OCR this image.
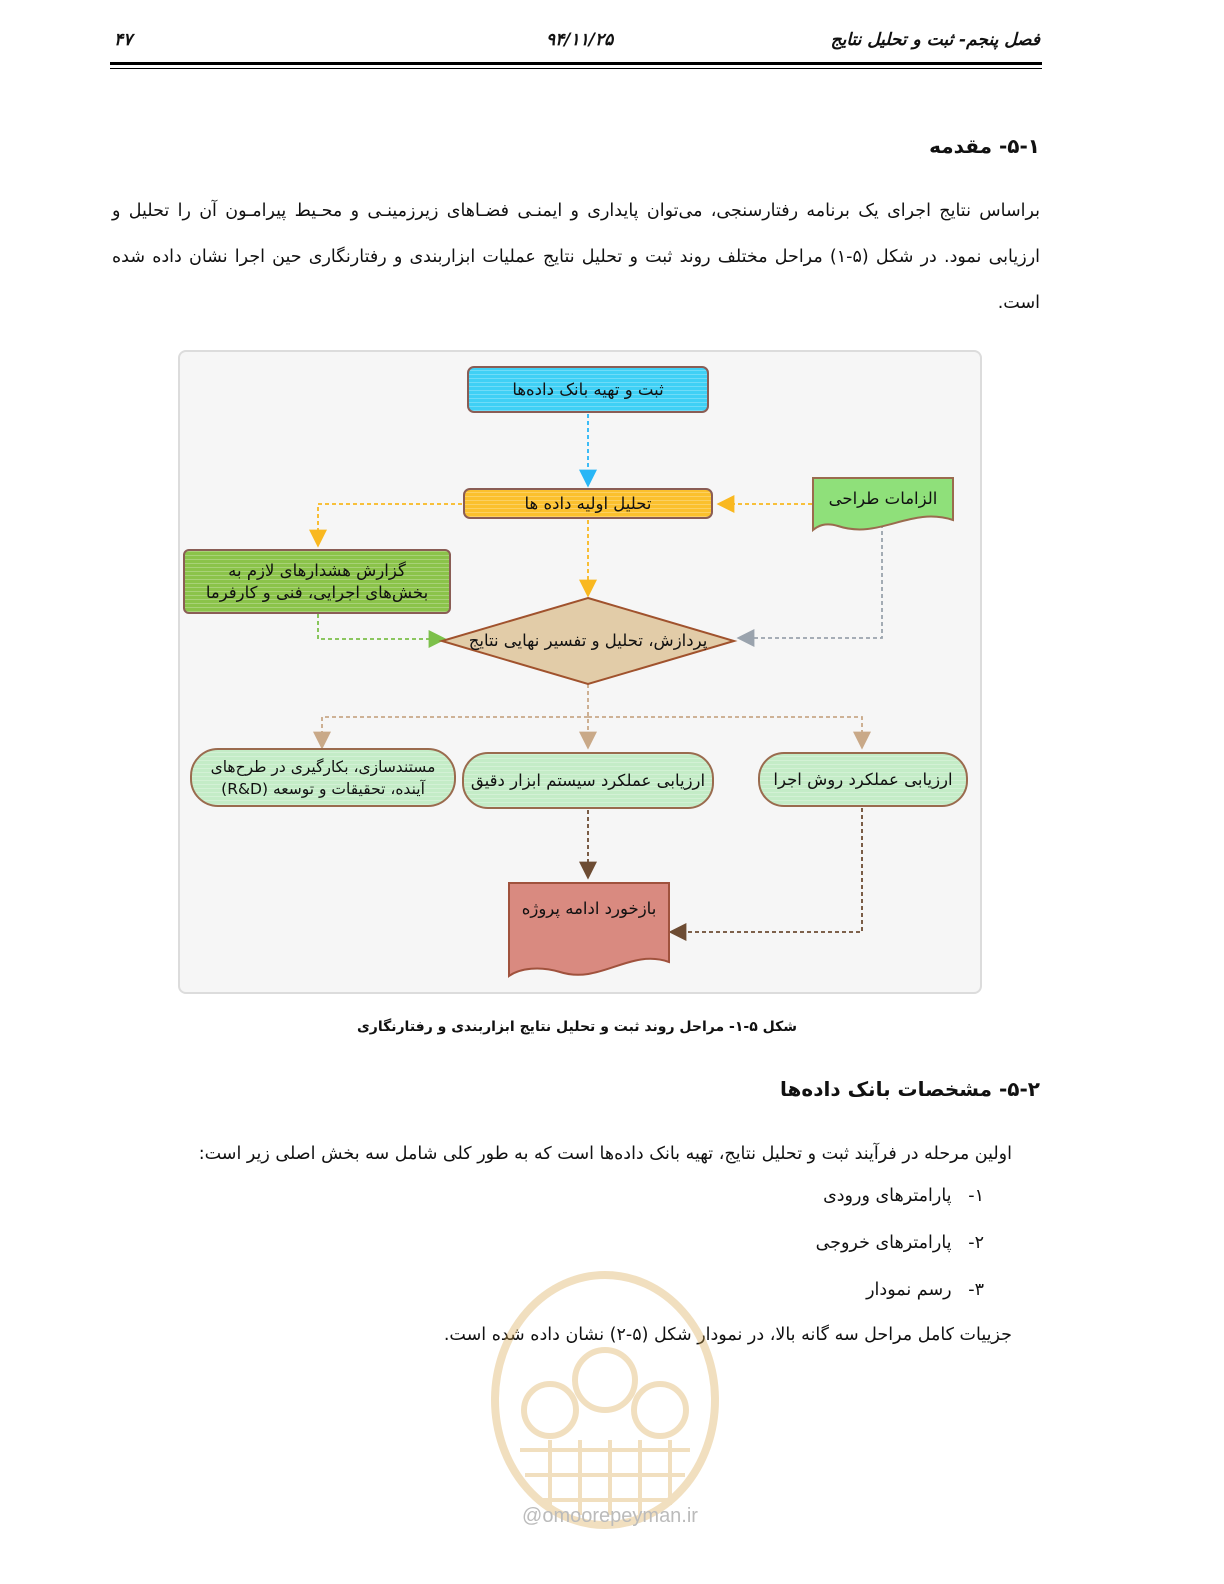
فصل پنجم- ثبت و تحلیل نتایج
۹۴/۱۱/۲۵
۴۷
۵-۱- مقدمه
براساس نتایج اجرای یک برنامه رفتارسنجی، می‌توان پایداری و ایمنـی فضـاهای زیرزمینـی و محـیط پیرامـون آن را تحلیل و ارزیابی نمود. در شکل (۵-۱) مراحل مختلف روند ثبت و تحلیل نتایج عملیات ابزاربندی و رفتارنگاری حین اجرا نشان داده شده است.
ثبت و تهیه بانک داده‌ها
تحلیل اولیه داده ها	الزامات طراحی
گزارش هشدارهای لازم به بخش‌های اجرایی، فنی و کارفرما
پردازش، تحلیل و تفسیر نهایی نتایج
مستندسازی، بکارگیری در طرح‌های آینده، تحقیقات و توسعه (R&D)	ارزیابی عملکرد سیستم ابزار دقیق	ارزیابی عملکرد روش اجرا
بازخورد ادامه پروژه
شکل ۵-۱- مراحل روند ثبت و تحلیل نتایج ابزاربندی و رفتارنگاری
۵-۲- مشخصات بانک داده‌ها
اولین مرحله در فرآیند ثبت و تحلیل نتایج، تهیه بانک داده‌ها است که به طور کلی شامل سه بخش اصلی زیر است:
۱-   پارامترهای ورودی
۲-   پارامترهای خروجی
۳-   رسم نمودار
جزییات کامل مراحل سه گانه بالا، در نمودار شکل (۵-۲) نشان داده شده است.
@omoorepeyman.ir
